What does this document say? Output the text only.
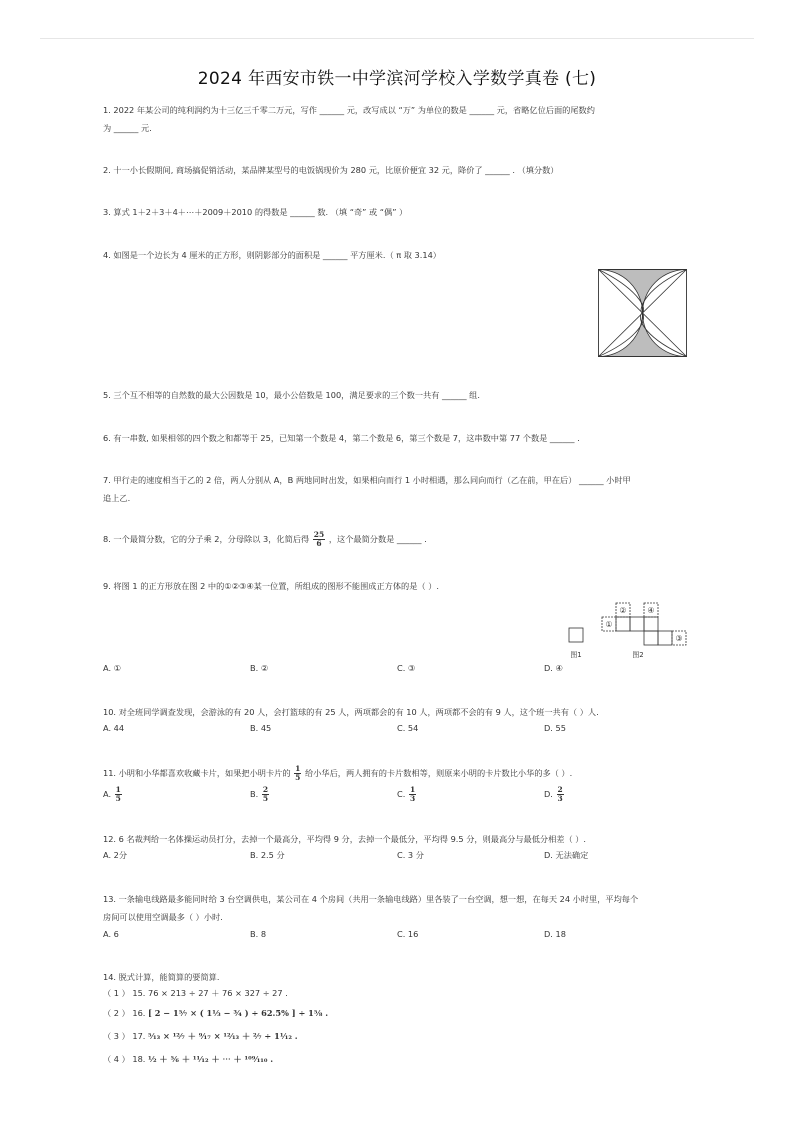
2024 年西安市铁一中学滨河学校入学数学真卷 (七)
1. 2022 年某公司的纯利润约为十三亿三千零二万元，写作 ______ 元，改写成以 “万” 为单位的数是 ______ 元，省略亿位后面的尾数约
为 ______ 元.
2. 十一小长假期间, 商场搞促销活动，某品牌某型号的电饭锅现价为 280 元，比原价便宜 32 元，降价了 ______ . （填分数）
3. 算式 1＋2＋3＋4＋⋯＋2009＋2010 的得数是 ______ 数. （填 “奇” 或 “偶” ）
4. 如图是一个边长为 4 厘米的正方形，则阴影部分的面积是 ______ 平方厘米.（ π 取 3.14）
5. 三个互不相等的自然数的最大公因数是 10，最小公倍数是 100，满足要求的三个数一共有 ______ 组.
6. 有一串数, 如果相邻的四个数之和都等于 25，已知第一个数是 4，第二个数是 6，第三个数是 7，这串数中第 77 个数是 ______ .
7. 甲行走的速度相当于乙的 2 倍，两人分别从 A，B 两地同时出发，如果相向而行 1 小时相遇，那么同向而行（乙在前，甲在后） ______ 小时甲
追上乙.
8. 一个最简分数，它的分子乘 2，分母除以 3，化简后得 $\frac{25}{6}$ ，这个最简分数是 ______ .
9. 将图 1 的正方形放在图 2 中的①②③④某一位置，所组成的图形不能围成正方体的是（ ）.
②	④
①
③
图1	图2
A. ①	B. ②	C. ③	D. ④
10. 对全班同学调查发现，会游泳的有 20 人，会打篮球的有 25 人，两项都会的有 10 人，两项都不会的有 9 人，这个班一共有（ ）人.
A. 44	B. 45	C. 54	D. 55
11. 小明和小华都喜欢收藏卡片，如果把小明卡片的 $\frac{1}{5}$ 给小华后，两人拥有的卡片数相等，则原来小明的卡片数比小华的多（ ）.
A. $\frac{1}{5}$	B. $\frac{2}{5}$	C. $\frac{1}{3}$	D. $\frac{2}{3}$
12. 6 名裁判给一名体操运动员打分，去掉一个最高分，平均得 9 分，去掉一个最低分，平均得 9.5 分，则最高分与最低分相差（ ）.
A. 2分	B. 2.5 分	C. 3 分	D. 无法确定
13. 一条输电线路最多能同时给 3 台空调供电，某公司在 4 个房间（共用一条输电线路）里各装了一台空调，想一想，在每天 24 小时里，平均每个
房间可以使用空调最多（ ）小时.
A. 6	B. 8	C. 16	D. 18
14. 脱式计算，能简算的要简算.
（ 1 ） 15. 76 × 213 ÷ 27 ＋ 76 × 327 ÷ 27 .
（ 2 ） 16. [ 2 − 1⁵⁄₇ × ( 1¹⁄₃ − ³⁄₄ ) ÷ 62.5% ] ÷ 1⁵⁄₈ .
（ 3 ） 17. ⁵⁄₁₃ × ¹²⁄₇ ＋ ⁹⁄₁₇ × ¹²⁄₁₃ ＋ ²⁄₇ ÷ 1¹⁄₁₂ .
（ 4 ） 18. ¹⁄₂ ＋ ⁵⁄₆ ＋ ¹¹⁄₁₂ ＋ ⋯ ＋ ¹⁰⁹⁄₁₁₀ .
